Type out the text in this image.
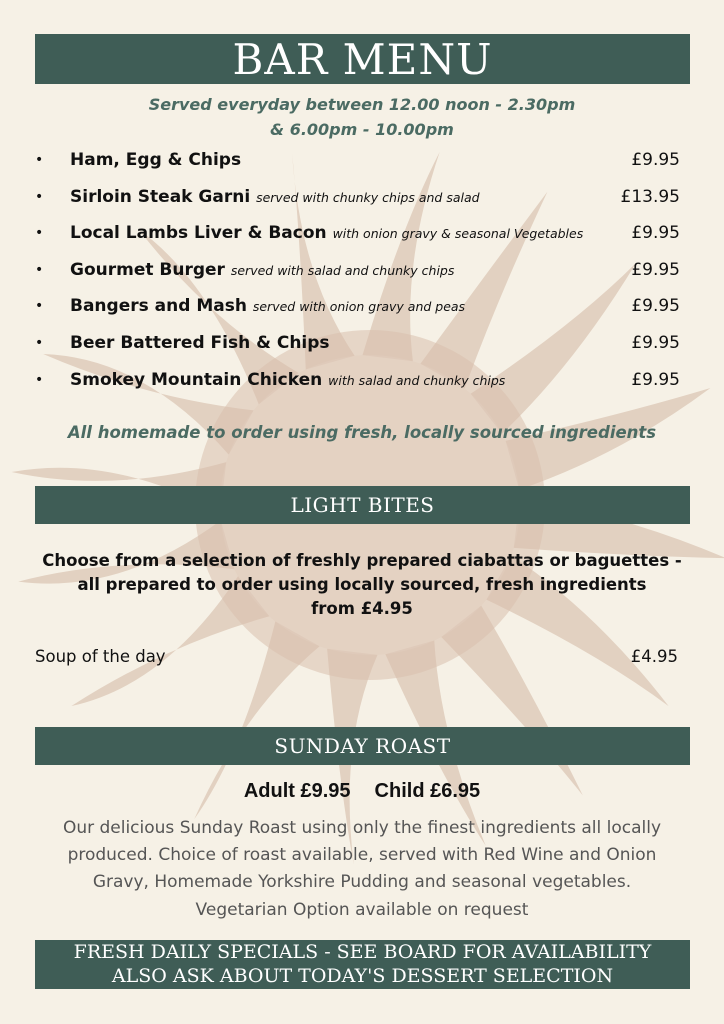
BAR MENU
Served everyday between 12.00 noon - 2.30pm
& 6.00pm - 10.00pm
• Ham, Egg & Chips	£9.95
• Sirloin Steak Garni served with chunky chips and salad	£13.95
• Local Lambs Liver & Bacon with onion gravy & seasonal Vegetables	£9.95
• Gourmet Burger served with salad and chunky chips	£9.95
• Bangers and Mash served with onion gravy and peas	£9.95
• Beer Battered Fish & Chips	£9.95
• Smokey Mountain Chicken with salad and chunky chips	£9.95
All homemade to order using fresh, locally sourced ingredients
LIGHT BITES
Choose from a selection of freshly prepared ciabattas or baguettes -
all prepared to order using locally sourced, fresh ingredients
from £4.95
Soup of the day	£4.95
SUNDAY ROAST
Adult £9.95 Child £6.95
Our delicious Sunday Roast using only the finest ingredients all locally
produced. Choice of roast available, served with Red Wine and Onion
Gravy, Homemade Yorkshire Pudding and seasonal vegetables.
Vegetarian Option available on request
FRESH DAILY SPECIALS - SEE BOARD FOR AVAILABILITY
ALSO ASK ABOUT TODAY'S DESSERT SELECTION
